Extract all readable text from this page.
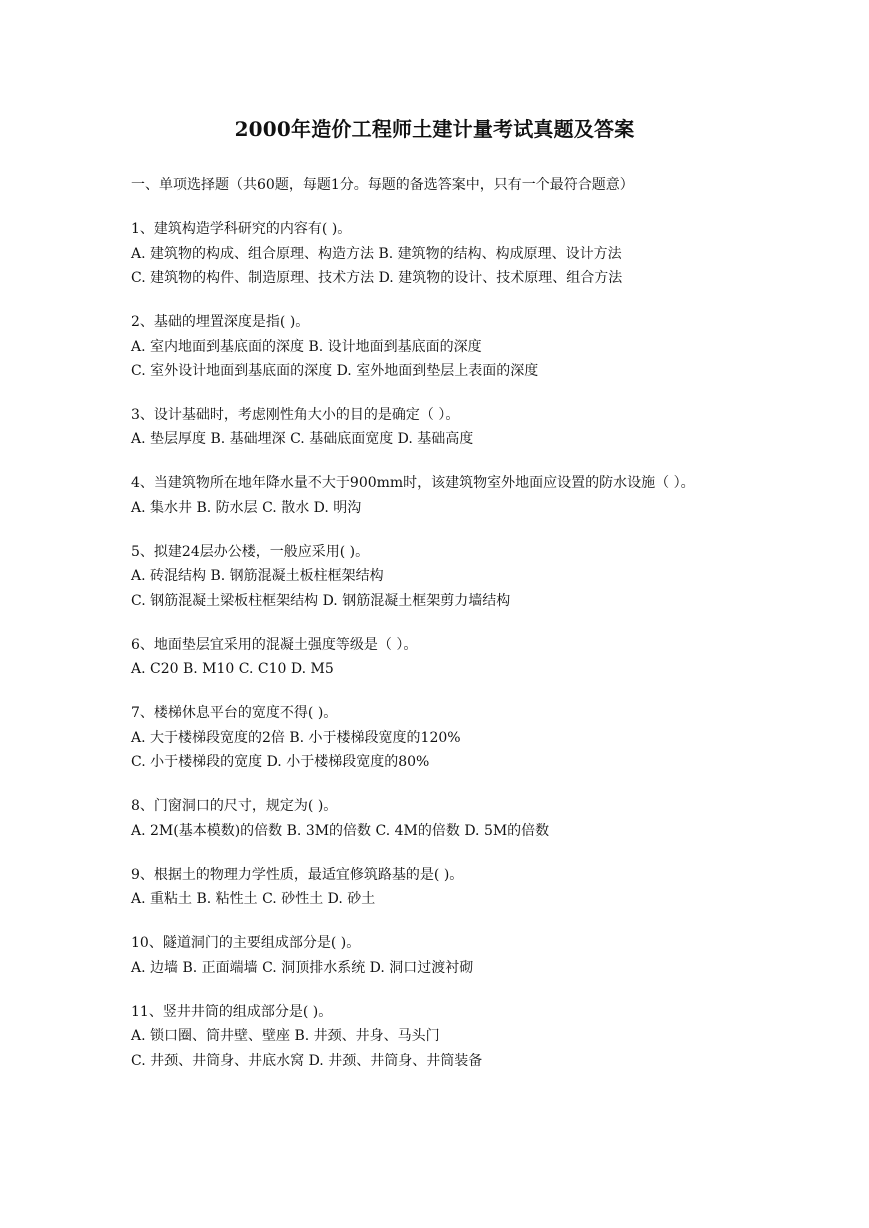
2000年造价工程师土建计量考试真题及答案
一、单项选择题（共60题，每题1分。每题的备选答案中，只有一个最符合题意）
1、建筑构造学科研究的内容有( )。
A. 建筑物的构成、组合原理、构造方法 B. 建筑物的结构、构成原理、设计方法
C. 建筑物的构件、制造原理、技术方法 D. 建筑物的设计、技术原理、组合方法
2、基础的埋置深度是指( )。
A. 室内地面到基底面的深度 B. 设计地面到基底面的深度
C. 室外设计地面到基底面的深度 D. 室外地面到垫层上表面的深度
3、设计基础时，考虑刚性角大小的目的是确定（ ）。
A. 垫层厚度 B. 基础埋深 C. 基础底面宽度 D. 基础高度
4、当建筑物所在地年降水量不大于900mm时，该建筑物室外地面应设置的防水设施（ ）。
A. 集水井 B. 防水层 C. 散水 D. 明沟
5、拟建24层办公楼，一般应采用( )。
A. 砖混结构 B. 钢筋混凝土板柱框架结构
C. 钢筋混凝土梁板柱框架结构 D. 钢筋混凝土框架剪力墙结构
6、地面垫层宜采用的混凝土强度等级是（ ）。
A. C20 B. M10 C. C10 D. M5
7、楼梯休息平台的宽度不得( )。
A. 大于楼梯段宽度的2倍 B. 小于楼梯段宽度的120%
C. 小于楼梯段的宽度 D. 小于楼梯段宽度的80%
8、门窗洞口的尺寸，规定为( )。
A. 2M(基本模数)的倍数 B. 3M的倍数 C. 4M的倍数 D. 5M的倍数
9、根据土的物理力学性质，最适宜修筑路基的是( )。
A. 重粘土 B. 粘性土 C. 砂性土 D. 砂土
10、隧道洞门的主要组成部分是( )。
A. 边墙 B. 正面端墙 C. 洞顶排水系统 D. 洞口过渡衬砌
11、竖井井筒的组成部分是( )。
A. 锁口圈、筒井壁、壁座 B. 井颈、井身、马头门
C. 井颈、井筒身、井底水窝 D. 井颈、井筒身、井筒装备
